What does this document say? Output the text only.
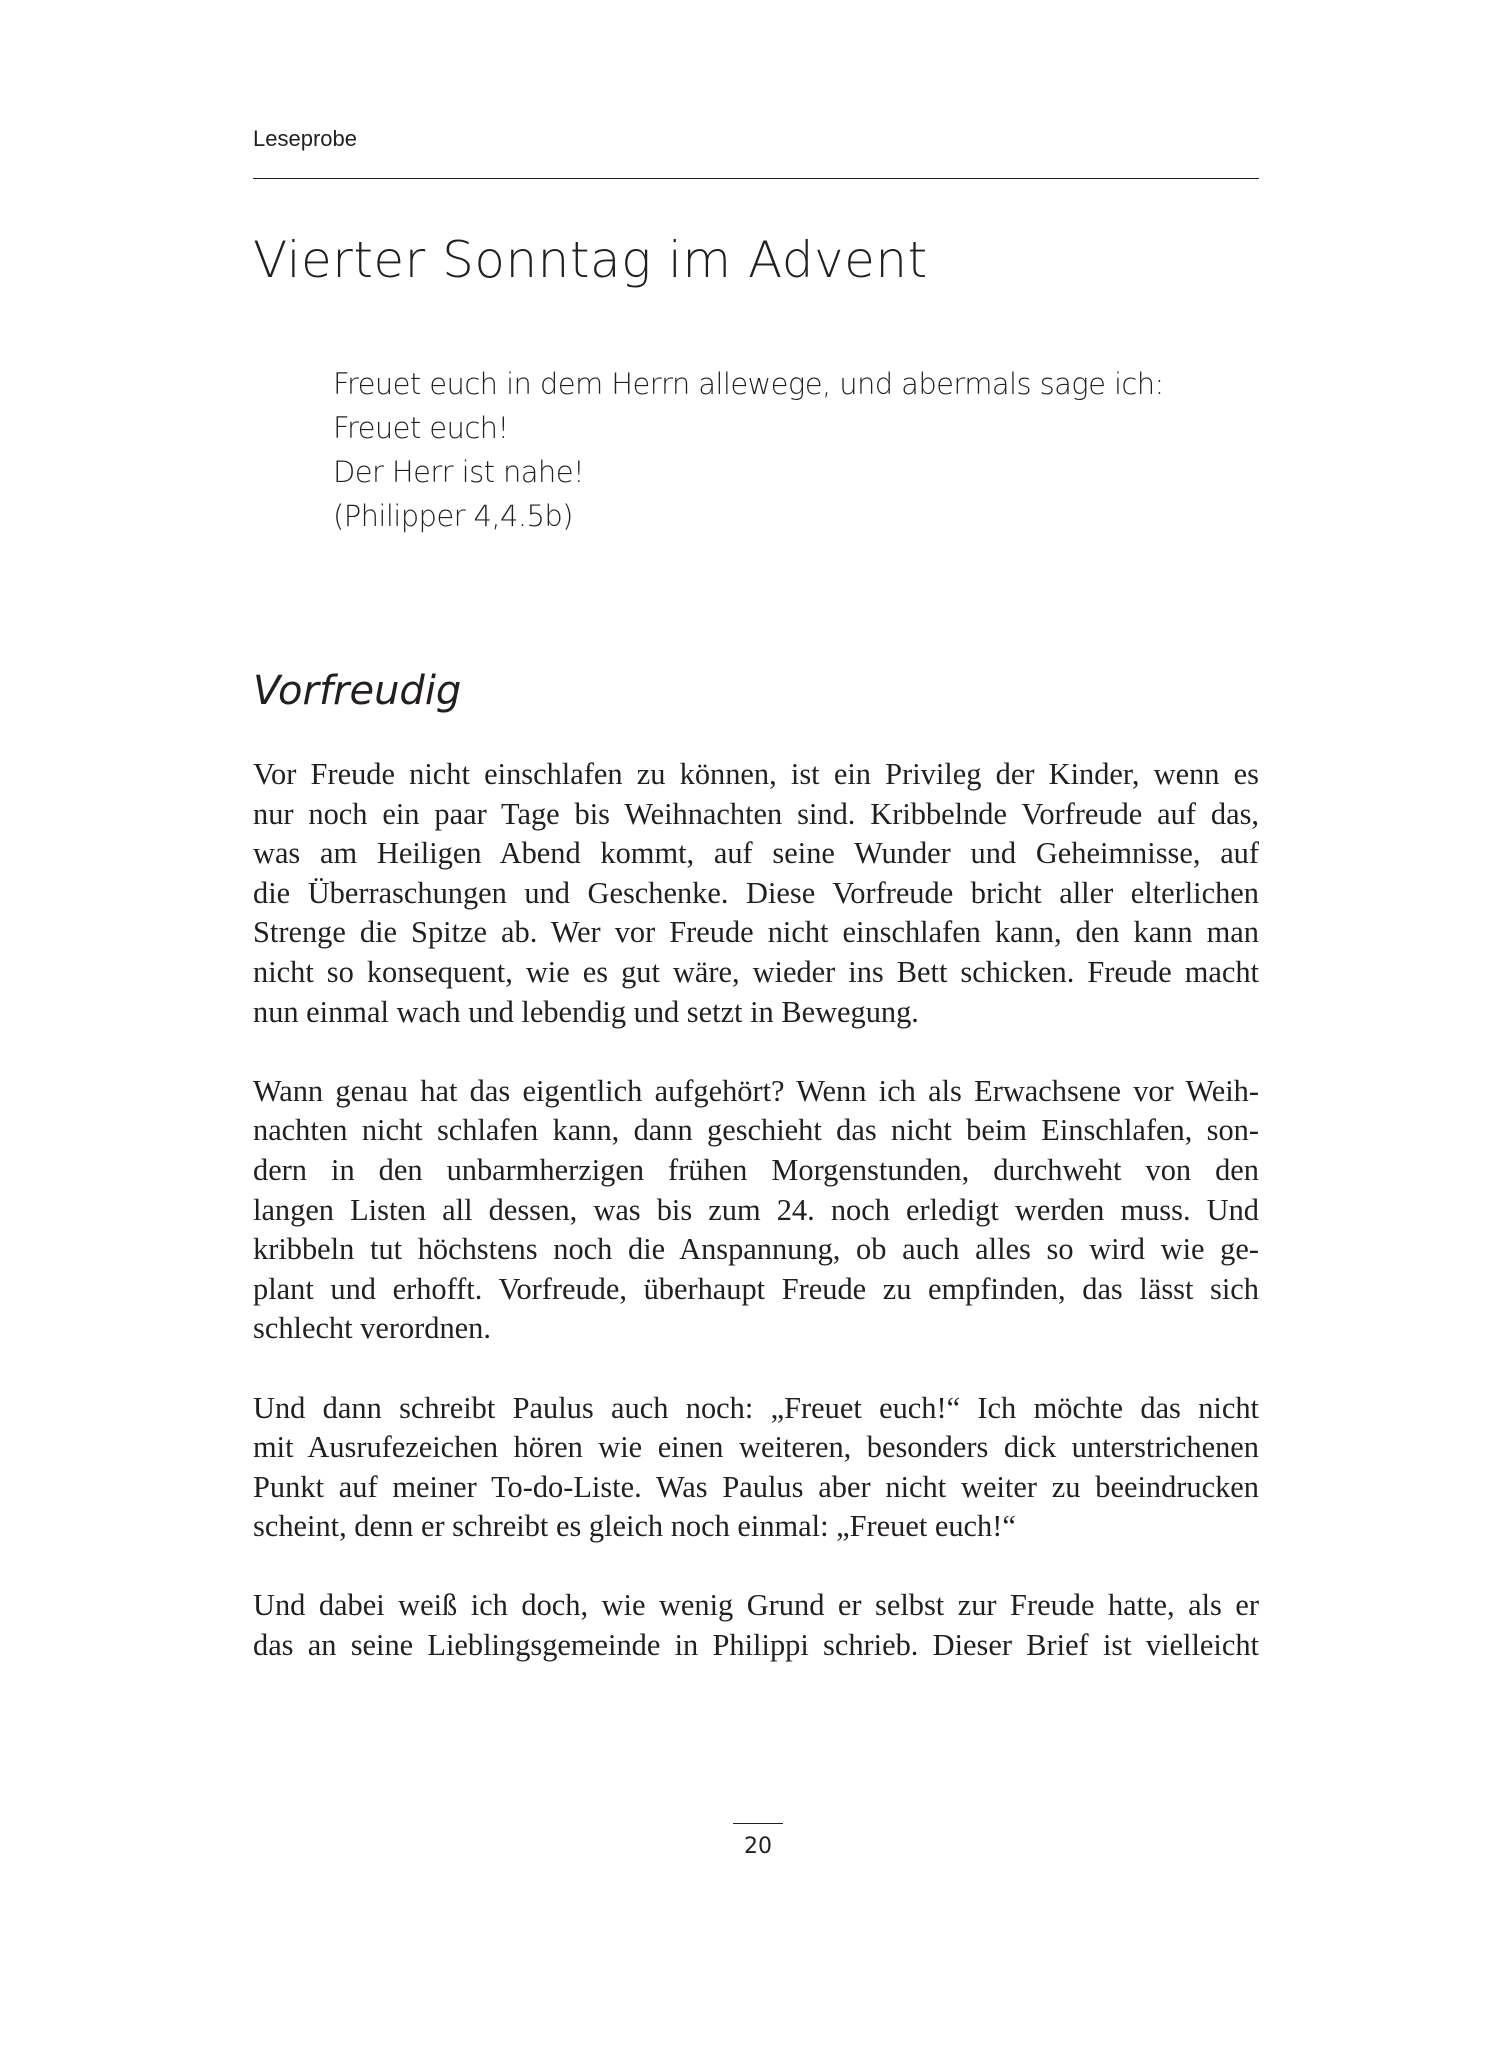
Leseprobe

Vierter Sonntag im Advent
Freuet euch in dem Herrn allewege, und abermals sage ich:
Freuet euch!
Der Herr ist nahe!
(Philipper 4,4.5b)
Vorfreudig

Vor Freude nicht einschlafen zu können, ist ein Privileg der Kinder, wenn es
nur noch ein paar Tage bis Weihnachten sind. Kribbelnde Vorfreude auf das,
was am Heiligen Abend kommt, auf seine Wunder und Geheimnisse, auf
die Überraschungen und Geschenke. Diese Vorfreude bricht aller elterlichen
Strenge die Spitze ab. Wer vor Freude nicht einschlafen kann, den kann man
nicht so konsequent, wie es gut wäre, wieder ins Bett schicken. Freude macht
nun einmal wach und lebendig und setzt in Bewegung.

Wann genau hat das eigentlich aufgehört? Wenn ich als Erwachsene vor Weih-
nachten nicht schlafen kann, dann geschieht das nicht beim Einschlafen, son-
dern in den unbarmherzigen frühen Morgenstunden, durchweht von den
langen Listen all dessen, was bis zum 24. noch erledigt werden muss. Und
kribbeln tut höchstens noch die Anspannung, ob auch alles so wird wie ge-
plant und erhofft. Vorfreude, überhaupt Freude zu empfinden, das lässt sich
schlecht verordnen.

Und dann schreibt Paulus auch noch: „Freuet euch!“ Ich möchte das nicht
mit Ausrufezeichen hören wie einen weiteren, besonders dick unterstrichenen
Punkt auf meiner To-do-Liste. Was Paulus aber nicht weiter zu beeindrucken
scheint, denn er schreibt es gleich noch einmal: „Freuet euch!“

Und dabei weiß ich doch, wie wenig Grund er selbst zur Freude hatte, als er
das an seine Lieblingsgemeinde in Philippi schrieb. Dieser Brief ist vielleicht

20
